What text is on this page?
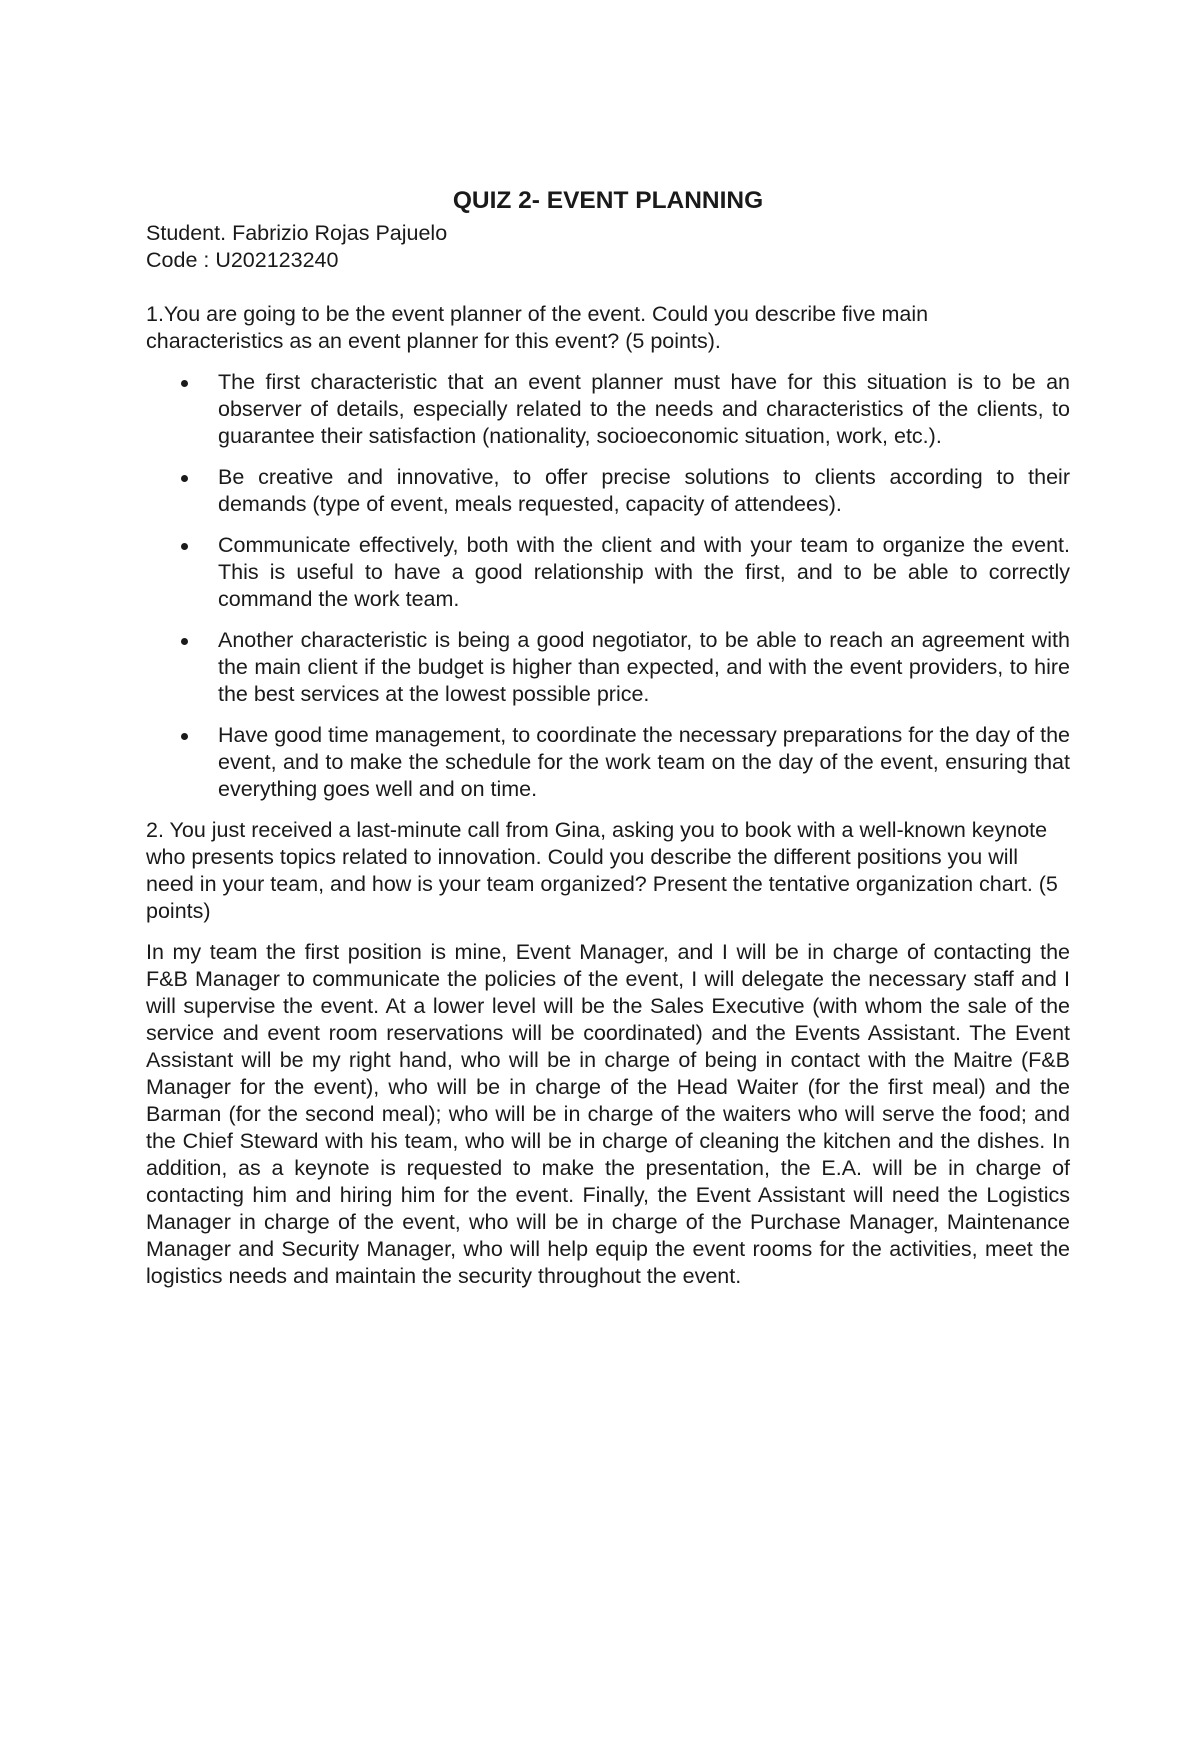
QUIZ 2- EVENT PLANNING

Student. Fabrizio Rojas Pajuelo

Code : U202123240

1.You are going to be the event planner of the event. Could you describe five main characteristics as an event planner for this event? (5 points).

The first characteristic that an event planner must have for this situation is to be an observer of details, especially related to the needs and characteristics of the clients, to guarantee their satisfaction (nationality, socioeconomic situation, work, etc.).
Be creative and innovative, to offer precise solutions to clients according to their demands (type of event, meals requested, capacity of attendees).
Communicate effectively, both with the client and with your team to organize the event. This is useful to have a good relationship with the first, and to be able to correctly command the work team.
Another characteristic is being a good negotiator, to be able to reach an agreement with the main client if the budget is higher than expected, and with the event providers, to hire the best services at the lowest possible price.
Have good time management, to coordinate the necessary preparations for the day of the event, and to make the schedule for the work team on the day of the event, ensuring that everything goes well and on time.

2. You just received a last-minute call from Gina, asking you to book with a well-known keynote who presents topics related to innovation. Could you describe the different positions you will need in your team, and how is your team organized? Present the tentative organization chart. (5 points)

In my team the first position is mine, Event Manager, and I will be in charge of contacting the F&B Manager to communicate the policies of the event, I will delegate the necessary staff and I will supervise the event. At a lower level will be the Sales Executive (with whom the sale of the service and event room reservations will be coordinated) and the Events Assistant. The Event Assistant will be my right hand, who will be in charge of being in contact with the Maitre (F&B Manager for the event), who will be in charge of the Head Waiter (for the first meal) and the Barman (for the second meal); who will be in charge of the waiters who will serve the food; and the Chief Steward with his team, who will be in charge of cleaning the kitchen and the dishes. In addition, as a keynote is requested to make the presentation, the E.A. will be in charge of contacting him and hiring him for the event. Finally, the Event Assistant will need the Logistics Manager in charge of the event, who will be in charge of the Purchase Manager, Maintenance Manager and Security Manager, who will help equip the event rooms for the activities, meet the logistics needs and maintain the security throughout the event.
